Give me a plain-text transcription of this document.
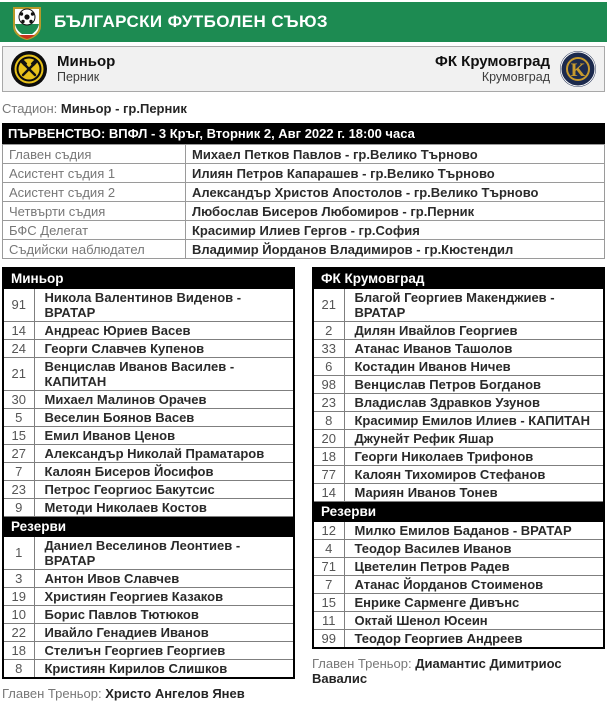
БЪЛГАРСКИ ФУТБОЛЕН СЪЮЗ
Миньор
Перник
ФК Крумовград
Крумовград K
Стадион: Миньор - гр.Перник
ПЪРВЕНСТВО: ВПФЛ - 3 Кръг, Вторник 2, Авг 2022 г. 18:00 часа
Главен съдия	Михаел Петков Павлов - гр.Велико Търново
Асистент съдия 1	Илиян Петров Капарашев - гр.Велико Търново
Асистент съдия 2	Александър Христов Апостолов - гр.Велико Търново
Четвърти съдия	Любослав Бисеров Любомиров - гр.Перник
БФС Делегат	Красимир Илиев Гергов - гр.София
Съдийски наблюдател	Владимир Йорданов Владимиров - гр.Кюстендил
Миньор	
91	Никола Валентинов Виденов - ВРАТАР
14	Андреас Юриев Васев
24	Георги Славчев Купенов
21	Венцислав Иванов Василев - КАПИТАН
30	Михаел Малинов Орачев
5	Веселин Боянов Васев
15	Емил Иванов Ценов
27	Александър Николай Праматаров
7	Калоян Бисеров Йосифов
23	Петрос Георгиос Бакутсис
9	Методи Николаев Костов
Резерви	
1	Даниел Веселинов Леонтиев - ВРАТАР
3	Антон Ивов Славчев
19	Християн Георгиев Казаков
10	Борис Павлов Тютюков
22	Ивайло Генадиев Иванов
18	Стелиън Георгиев Георгиев
8	Кристиян Кирилов Слишков
Главен Треньор: Христо Ангелов Янев
ФК Крумовград	
21	Благой Георгиев Макенджиев - ВРАТАР
2	Дилян Ивайлов Георгиев
33	Атанас Иванов Ташолов
6	Костадин Иванов Ничев
98	Венцислав Петров Богданов
23	Владислав Здравков Узунов
8	Красимир Емилов Илиев - КАПИТАН
20	Джунейт Рефик Яшар
18	Георги Николаев Трифонов
77	Калоян Тихомиров Стефанов
14	Мариян Иванов Тонев
Резерви	
12	Милко Емилов Баданов - ВРАТАР
4	Теодор Василев Иванов
71	Цветелин Петров Радев
7	Атанас Йорданов Стоименов
15	Енрике Сарменге Дивънс
11	Октай Шенол Юсеин
99	Теодор Георгиев Андреев
Главен Треньор: Диамантис Димитриос Вавалис
